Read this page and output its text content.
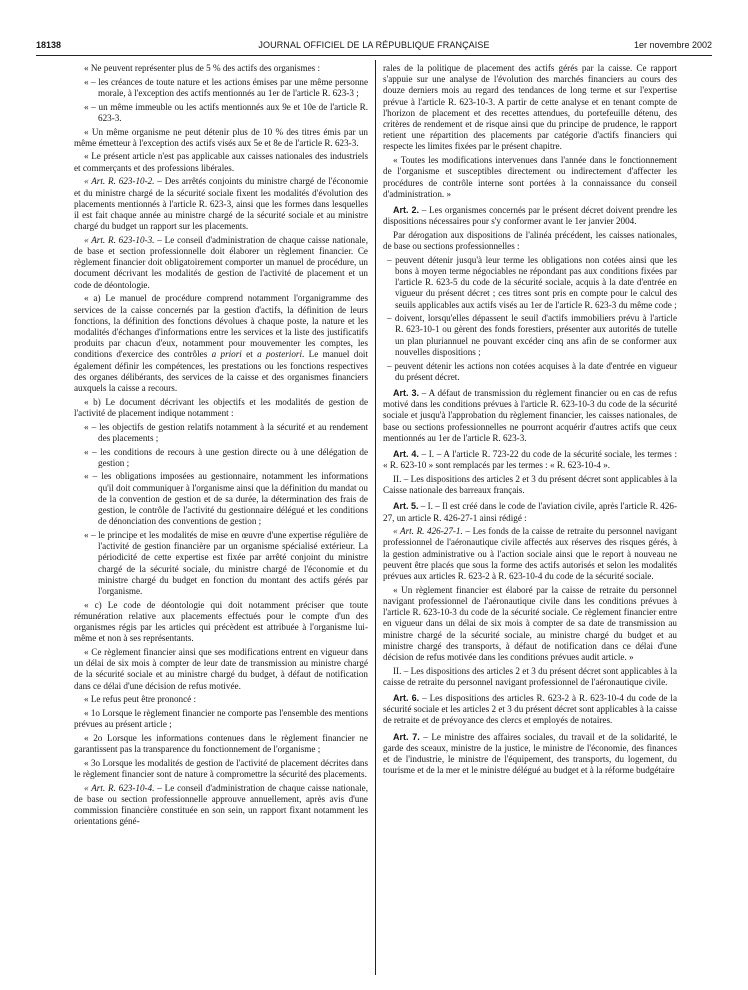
18138	JOURNAL OFFICIEL DE LA RÉPUBLIQUE FRANÇAISE	1er novembre 2002

« Ne peuvent représenter plus de 5 % des actifs des organismes :

« – les créances de toute nature et les actions émises par une même personne morale, à l'exception des actifs mentionnés au 1er de l'article R. 623-3 ;

« – un même immeuble ou les actifs mentionnés aux 9e et 10e de l'article R. 623-3.

« Un même organisme ne peut détenir plus de 10 % des titres émis par un même émetteur à l'exception des actifs visés aux 5e et 8e de l'article R. 623-3.

« Le présent article n'est pas applicable aux caisses nationales des industriels et commerçants et des professions libérales.

« Art. R. 623-10-2. – Des arrêtés conjoints du ministre chargé de l'économie et du ministre chargé de la sécurité sociale fixent les modalités d'évolution des placements mentionnés à l'article R. 623-3, ainsi que les formes dans lesquelles il est fait chaque année au ministre chargé de la sécurité sociale et au ministre chargé du budget un rapport sur les placements.

« Art. R. 623-10-3. – Le conseil d'administration de chaque caisse nationale, de base et section professionnelle doit élaborer un règlement financier. Ce règlement financier doit obligatoirement comporter un manuel de procédure, un document décrivant les modalités de gestion de l'activité de placement et un code de déontologie.

« a) Le manuel de procédure comprend notamment l'organigramme des services de la caisse concernés par la gestion d'actifs, la définition de leurs fonctions, la définition des fonctions dévolues à chaque poste, la nature et les modalités d'échanges d'informations entre les services et la liste des justificatifs produits par chacun d'eux, notamment pour mouvementer les comptes, les conditions d'exercice des contrôles a priori et a posteriori. Le manuel doit également définir les compétences, les prestations ou les fonctions respectives des organes délibérants, des services de la caisse et des organismes financiers auxquels la caisse a recours.

« b) Le document décrivant les objectifs et les modalités de gestion de l'activité de placement indique notamment :

« – les objectifs de gestion relatifs notamment à la sécurité et au rendement des placements ;

« – les conditions de recours à une gestion directe ou à une délégation de gestion ;

« – les obligations imposées au gestionnaire, notamment les informations qu'il doit communiquer à l'organisme ainsi que la définition du mandat ou de la convention de gestion et de sa durée, la détermination des frais de gestion, le contrôle de l'activité du gestionnaire délégué et les conditions de dénonciation des conventions de gestion ;

« – le principe et les modalités de mise en œuvre d'une expertise régulière de l'activité de gestion financière par un organisme spécialisé extérieur. La périodicité de cette expertise est fixée par arrêté conjoint du ministre chargé de la sécurité sociale, du ministre chargé de l'économie et du ministre chargé du budget en fonction du montant des actifs gérés par l'organisme.

« c) Le code de déontologie qui doit notamment préciser que toute rémunération relative aux placements effectués pour le compte d'un des organismes régis par les articles qui précèdent est attribuée à l'organisme lui-même et non à ses représentants.

« Ce règlement financier ainsi que ses modifications entrent en vigueur dans un délai de six mois à compter de leur date de transmission au ministre chargé de la sécurité sociale et au ministre chargé du budget, à défaut de notification dans ce délai d'une décision de refus motivée.

« Le refus peut être prononcé :

« 1o Lorsque le règlement financier ne comporte pas l'ensemble des mentions prévues au présent article ;

« 2o Lorsque les informations contenues dans le règlement financier ne garantissent pas la transparence du fonctionnement de l'organisme ;

« 3o Lorsque les modalités de gestion de l'activité de placement décrites dans le règlement financier sont de nature à compromettre la sécurité des placements.

« Art. R. 623-10-4. – Le conseil d'administration de chaque caisse nationale, de base ou section professionnelle approuve annuellement, après avis d'une commission financière constituée en son sein, un rapport fixant notamment les orientations géné-

rales de la politique de placement des actifs gérés par la caisse. Ce rapport s'appuie sur une analyse de l'évolution des marchés financiers au cours des douze derniers mois au regard des tendances de long terme et sur l'expertise prévue à l'article R. 623-10-3. A partir de cette analyse et en tenant compte de l'horizon de placement et des recettes attendues, du portefeuille détenu, des critères de rendement et de risque ainsi que du principe de prudence, le rapport retient une répartition des placements par catégorie d'actifs financiers qui respecte les limites fixées par le présent chapitre.

« Toutes les modifications intervenues dans l'année dans le fonctionnement de l'organisme et susceptibles directement ou indirectement d'affecter les procédures de contrôle interne sont portées à la connaissance du conseil d'administration. »

Art. 2. – Les organismes concernés par le présent décret doivent prendre les dispositions nécessaires pour s'y conformer avant le 1er janvier 2004.

Par dérogation aux dispositions de l'alinéa précédent, les caisses nationales, de base ou sections professionnelles :

– peuvent détenir jusqu'à leur terme les obligations non cotées ainsi que les bons à moyen terme négociables ne répondant pas aux conditions fixées par l'article R. 623-5 du code de la sécurité sociale, acquis à la date d'entrée en vigueur du présent décret ; ces titres sont pris en compte pour le calcul des seuils applicables aux actifs visés au 1er de l'article R. 623-3 du même code ;

– doivent, lorsqu'elles dépassent le seuil d'actifs immobiliers prévu à l'article R. 623-10-1 ou gèrent des fonds forestiers, présenter aux autorités de tutelle un plan pluriannuel ne pouvant excéder cinq ans afin de se conformer aux nouvelles dispositions ;

– peuvent détenir les actions non cotées acquises à la date d'entrée en vigueur du présent décret.

Art. 3. – A défaut de transmission du règlement financier ou en cas de refus motivé dans les conditions prévues à l'article R. 623-10-3 du code de la sécurité sociale et jusqu'à l'approbation du règlement financier, les caisses nationales, de base ou sections professionnelles ne pourront acquérir d'autres actifs que ceux mentionnés au 1er de l'article R. 623-3.

Art. 4. – I. – A l'article R. 723-22 du code de la sécurité sociale, les termes : « R. 623-10 » sont remplacés par les termes : « R. 623-10-4 ».

II. – Les dispositions des articles 2 et 3 du présent décret sont applicables à la Caisse nationale des barreaux français.

Art. 5. – I. – Il est créé dans le code de l'aviation civile, après l'article R. 426-27, un article R. 426-27-1 ainsi rédigé :

« Art. R. 426-27-1. – Les fonds de la caisse de retraite du personnel navigant professionnel de l'aéronautique civile affectés aux réserves des risques gérés, à la gestion administrative ou à l'action sociale ainsi que le report à nouveau ne peuvent être placés que sous la forme des actifs autorisés et selon les modalités prévues aux articles R. 623-2 à R. 623-10-4 du code de la sécurité sociale.

« Un règlement financier est élaboré par la caisse de retraite du personnel navigant professionnel de l'aéronautique civile dans les conditions prévues à l'article R. 623-10-3 du code de la sécurité sociale. Ce règlement financier entre en vigueur dans un délai de six mois à compter de sa date de transmission au ministre chargé de la sécurité sociale, au ministre chargé du budget et au ministre chargé des transports, à défaut de notification dans ce délai d'une décision de refus motivée dans les conditions prévues audit article. »

II. – Les dispositions des articles 2 et 3 du présent décret sont applicables à la caisse de retraite du personnel navigant professionnel de l'aéronautique civile.

Art. 6. – Les dispositions des articles R. 623-2 à R. 623-10-4 du code de la sécurité sociale et les articles 2 et 3 du présent décret sont applicables à la caisse de retraite et de prévoyance des clercs et employés de notaires.

Art. 7. – Le ministre des affaires sociales, du travail et de la solidarité, le garde des sceaux, ministre de la justice, le ministre de l'économie, des finances et de l'industrie, le ministre de l'équipement, des transports, du logement, du tourisme et de la mer et le ministre délégué au budget et à la réforme budgétaire
